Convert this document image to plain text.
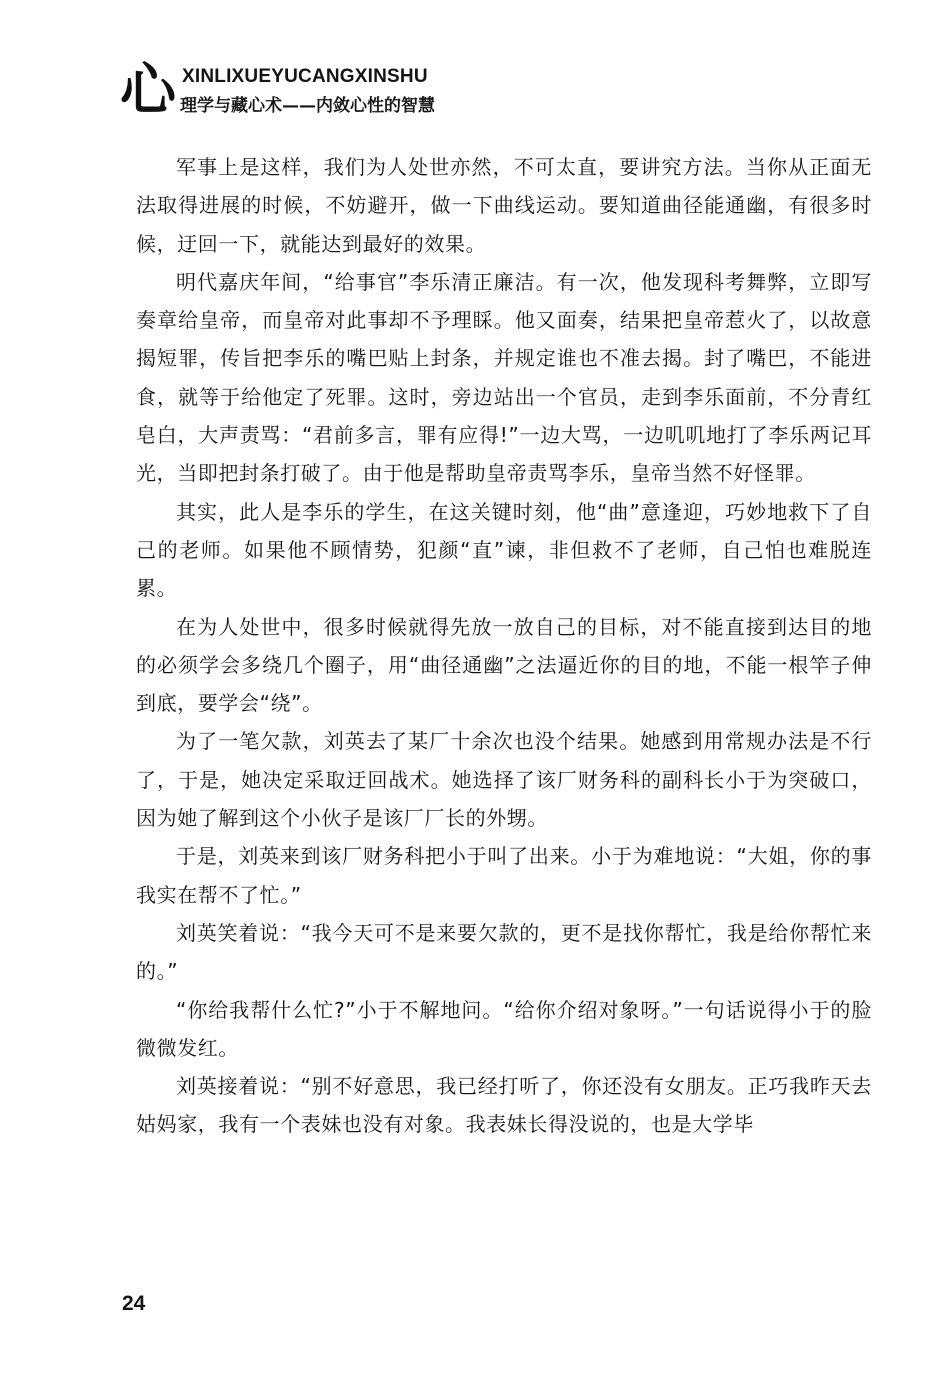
心 XINLIXUEYUCANGXINSHU
理学与藏心术——内敛心性的智慧

军事上是这样，我们为人处世亦然，不可太直，要讲究方法。当你从正面无法取得进展的时候，不妨避开，做一下曲线运动。要知道曲径能通幽，有很多时候，迂回一下，就能达到最好的效果。

明代嘉庆年间，“给事官”李乐清正廉洁。有一次，他发现科考舞弊，立即写奏章给皇帝，而皇帝对此事却不予理睬。他又面奏，结果把皇帝惹火了，以故意揭短罪，传旨把李乐的嘴巴贴上封条，并规定谁也不准去揭。封了嘴巴，不能进食，就等于给他定了死罪。这时，旁边站出一个官员，走到李乐面前，不分青红皂白，大声责骂：“君前多言，罪有应得!”一边大骂，一边叽叽地打了李乐两记耳光，当即把封条打破了。由于他是帮助皇帝责骂李乐，皇帝当然不好怪罪。

其实，此人是李乐的学生，在这关键时刻，他“曲”意逢迎，巧妙地救下了自己的老师。如果他不顾情势，犯颜“直”谏，非但救不了老师，自己怕也难脱连累。

在为人处世中，很多时候就得先放一放自己的目标，对不能直接到达目的地的必须学会多绕几个圈子，用“曲径通幽”之法逼近你的目的地，不能一根竿子伸到底，要学会“绕”。

为了一笔欠款，刘英去了某厂十余次也没个结果。她感到用常规办法是不行了，于是，她决定采取迂回战术。她选择了该厂财务科的副科长小于为突破口，因为她了解到这个小伙子是该厂厂长的外甥。

于是，刘英来到该厂财务科把小于叫了出来。小于为难地说：“大姐，你的事我实在帮不了忙。”

刘英笑着说：“我今天可不是来要欠款的，更不是找你帮忙，我是给你帮忙来的。”

“你给我帮什么忙?”小于不解地问。“给你介绍对象呀。”一句话说得小于的脸微微发红。

刘英接着说：“别不好意思，我已经打听了，你还没有女朋友。正巧我昨天去姑妈家，我有一个表妹也没有对象。我表妹长得没说的，也是大学毕

24
